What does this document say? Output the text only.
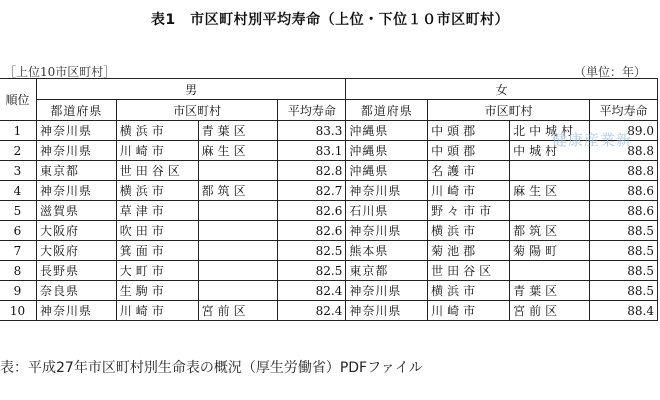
表1　市区町村別平均寿命（上位・下位１０市区町村）
［上位10市区町村］	（単位：年）
順位	男				女			
	都道府県	市区町村		平均寿命	都道府県	市区町村		平均寿命
1	神奈川県	横浜市	青葉区	83.3	沖縄県	中頭郡	北中城村	89.0
2	神奈川県	川崎市	麻生区	83.1	沖縄県	中頭郡	中城村	88.8
3	東京都	世田谷区		82.8	沖縄県	名護市		88.8
4	神奈川県	横浜市	都筑区	82.7	神奈川県	川崎市	麻生区	88.6
5	滋賀県	草津市		82.6	石川県	野々市市		88.6
6	大阪府	吹田市		82.6	神奈川県	横浜市	都筑区	88.5
7	大阪府	箕面市		82.5	熊本県	菊池郡	菊陽町	88.5
8	長野県	大町市		82.5	東京都	世田谷区		88.5
9	奈良県	生駒市		82.4	神奈川県	横浜市	青葉区	88.5
10	神奈川県	川崎市	宮前区	82.4	神奈川県	川崎市	宮前区	88.4
健康産業新
表：平成27年市区町村別生命表の概況（厚生労働省）PDFファイル
